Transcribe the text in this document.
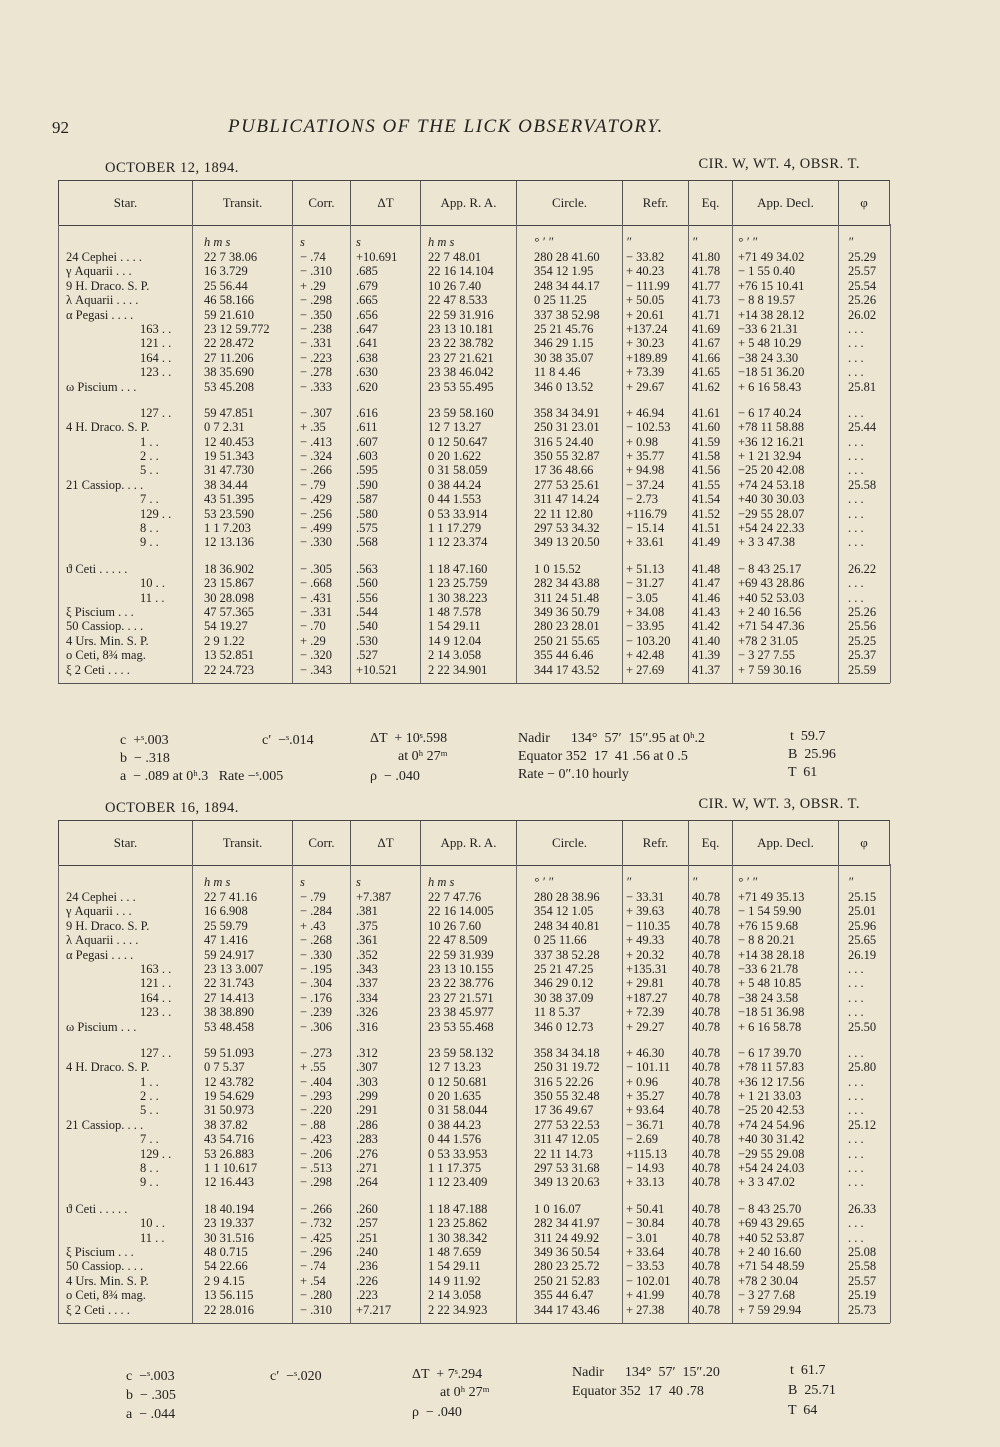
92	PUBLICATIONS OF THE LICK OBSERVATORY.
OCTOBER 12, 1894.	CIR. W, WT. 4, OBSR. T.
Star.	Transit.	Corr.	ΔT	App. R. A.	Circle.	Refr.	Eq.	App. Decl.	φ
h m s	s	s	h m s	° ′ ″	″	″	° ′ ″	″
24 Cephei . . . .	22 7 38.06	− .74	+10.691	22 7 48.01	280 28 41.60	− 33.82	41.80	+71 49 34.02	25.29
γ Aquarii . . .	16 3.729	− .310	.685	22 16 14.104	354 12 1.95	+ 40.23	41.78	− 1 55 0.40	25.57
9 H. Draco. S. P.	25 56.44	+ .29	.679	10 26 7.40	248 34 44.17	− 111.99	41.77	+76 15 10.41	25.54
λ Aquarii . . . .	46 58.166	− .298	.665	22 47 8.533	0 25 11.25	+ 50.05	41.73	− 8 8 19.57	25.26
α Pegasi . . . .	59 21.610	− .350	.656	22 59 31.916	337 38 52.98	+ 20.61	41.71	+14 38 28.12	26.02
163 . .	23 12 59.772	− .238	.647	23 13 10.181	25 21 45.76	+137.24	41.69	−33 6 21.31	. . .
121 . .	22 28.472	− .331	.641	23 22 38.782	346 29 1.15	+ 30.23	41.67	+ 5 48 10.29	. . .
164 . .	27 11.206	− .223	.638	23 27 21.621	30 38 35.07	+189.89	41.66	−38 24 3.30	. . .
123 . .	38 35.690	− .278	.630	23 38 46.042	11 8 4.46	+ 73.39	41.65	−18 51 36.20	. . .
ω Piscium . . .	53 45.208	− .333	.620	23 53 55.495	346 0 13.52	+ 29.67	41.62	+ 6 16 58.43	25.81
127 . .	59 47.851	− .307	.616	23 59 58.160	358 34 34.91	+ 46.94	41.61	− 6 17 40.24	. . .
4 H. Draco. S. P.	0 7 2.31	+ .35	.611	12 7 13.27	250 31 23.01	− 102.53	41.60	+78 11 58.88	25.44
1 . .	12 40.453	− .413	.607	0 12 50.647	316 5 24.40	+ 0.98	41.59	+36 12 16.21	. . .
2 . .	19 51.343	− .324	.603	0 20 1.622	350 55 32.87	+ 35.77	41.58	+ 1 21 32.94	. . .
5 . .	31 47.730	− .266	.595	0 31 58.059	17 36 48.66	+ 94.98	41.56	−25 20 42.08	. . .
21 Cassiop. . . .	38 34.44	− .79	.590	0 38 44.24	277 53 25.61	− 37.24	41.55	+74 24 53.18	25.58
7 . .	43 51.395	− .429	.587	0 44 1.553	311 47 14.24	− 2.73	41.54	+40 30 30.03	. . .
129 . .	53 23.590	− .256	.580	0 53 33.914	22 11 12.80	+116.79	41.52	−29 55 28.07	. . .
8 . .	1 1 7.203	− .499	.575	1 1 17.279	297 53 34.32	− 15.14	41.51	+54 24 22.33	. . .
9 . .	12 13.136	− .330	.568	1 12 23.374	349 13 20.50	+ 33.61	41.49	+ 3 3 47.38	. . .
ϑ Ceti . . . . .	18 36.902	− .305	.563	1 18 47.160	1 0 15.52	+ 51.13	41.48	− 8 43 25.17	26.22
10 . .	23 15.867	− .668	.560	1 23 25.759	282 34 43.88	− 31.27	41.47	+69 43 28.86	. . .
11 . .	30 28.098	− .431	.556	1 30 38.223	311 24 51.48	− 3.05	41.46	+40 52 53.03	. . .
ξ Piscium . . .	47 57.365	− .331	.544	1 48 7.578	349 36 50.79	+ 34.08	41.43	+ 2 40 16.56	25.26
50 Cassiop. . . .	54 19.27	− .70	.540	1 54 29.11	280 23 28.01	− 33.95	41.42	+71 54 47.36	25.56
4 Urs. Min. S. P.	2 9 1.22	+ .29	.530	14 9 12.04	250 21 55.65	− 103.20	41.40	+78 2 31.05	25.25
o Ceti, 8¾ mag.	13 52.851	− .320	.527	2 14 3.058	355 44 6.46	+ 42.48	41.39	− 3 27 7.55	25.37
ξ 2 Ceti . . . .	22 24.723	− .343	+10.521	2 22 34.901	344 17 43.52	+ 27.69	41.37	+ 7 59 30.16	25.59
c  +ˢ.003	c′  −ˢ.014
b  − .318
a  − .089 at 0ʰ.3   Rate −ˢ.005
ΔT  + 10ˢ.598
at 0ʰ 27ᵐ
ρ  − .040
Nadir      134°  57′  15″.95 at 0ʰ.2
Equator 352  17  41 .56 at 0 .5
Rate − 0″.10 hourly
t  59.7
B  25.96
T  61
OCTOBER 16, 1894.	CIR. W, WT. 3, OBSR. T.
Star.	Transit.	Corr.	ΔT	App. R. A.	Circle.	Refr.	Eq.	App. Decl.	φ
h m s	s	s	h m s	° ′ ″	″	″	° ′ ″	″
24 Cephei . . .	22 7 41.16	− .79	+7.387	22 7 47.76	280 28 38.96	− 33.31	40.78	+71 49 35.13	25.15
γ Aquarii . . .	16 6.908	− .284	.381	22 16 14.005	354 12 1.05	+ 39.63	40.78	− 1 54 59.90	25.01
9 H. Draco. S. P.	25 59.79	+ .43	.375	10 26 7.60	248 34 40.81	− 110.35	40.78	+76 15 9.68	25.96
λ Aquarii . . . .	47 1.416	− .268	.361	22 47 8.509	0 25 11.66	+ 49.33	40.78	− 8 8 20.21	25.65
α Pegasi . . . .	59 24.917	− .330	.352	22 59 31.939	337 38 52.28	+ 20.32	40.78	+14 38 28.18	26.19
163 . .	23 13 3.007	− .195	.343	23 13 10.155	25 21 47.25	+135.31	40.78	−33 6 21.78	. . .
121 . .	22 31.743	− .304	.337	23 22 38.776	346 29 0.12	+ 29.81	40.78	+ 5 48 10.85	. . .
164 . .	27 14.413	− .176	.334	23 27 21.571	30 38 37.09	+187.27	40.78	−38 24 3.58	. . .
123 . .	38 38.890	− .239	.326	23 38 45.977	11 8 5.37	+ 72.39	40.78	−18 51 36.98	. . .
ω Piscium . . .	53 48.458	− .306	.316	23 53 55.468	346 0 12.73	+ 29.27	40.78	+ 6 16 58.78	25.50
127 . .	59 51.093	− .273	.312	23 59 58.132	358 34 34.18	+ 46.30	40.78	− 6 17 39.70	. . .
4 H. Draco. S. P.	0 7 5.37	+ .55	.307	12 7 13.23	250 31 19.72	− 101.11	40.78	+78 11 57.83	25.80
1 . .	12 43.782	− .404	.303	0 12 50.681	316 5 22.26	+ 0.96	40.78	+36 12 17.56	. . .
2 . .	19 54.629	− .293	.299	0 20 1.635	350 55 32.48	+ 35.27	40.78	+ 1 21 33.03	. . .
5 . .	31 50.973	− .220	.291	0 31 58.044	17 36 49.67	+ 93.64	40.78	−25 20 42.53	. . .
21 Cassiop. . . .	38 37.82	− .88	.286	0 38 44.23	277 53 22.53	− 36.71	40.78	+74 24 54.96	25.12
7 . .	43 54.716	− .423	.283	0 44 1.576	311 47 12.05	− 2.69	40.78	+40 30 31.42	. . .
129 . .	53 26.883	− .206	.276	0 53 33.953	22 11 14.73	+115.13	40.78	−29 55 29.08	. . .
8 . .	1 1 10.617	− .513	.271	1 1 17.375	297 53 31.68	− 14.93	40.78	+54 24 24.03	. . .
9 . .	12 16.443	− .298	.264	1 12 23.409	349 13 20.63	+ 33.13	40.78	+ 3 3 47.02	. . .
ϑ Ceti . . . . .	18 40.194	− .266	.260	1 18 47.188	1 0 16.07	+ 50.41	40.78	− 8 43 25.70	26.33
10 . .	23 19.337	− .732	.257	1 23 25.862	282 34 41.97	− 30.84	40.78	+69 43 29.65	. . .
11 . .	30 31.516	− .425	.251	1 30 38.342	311 24 49.92	− 3.01	40.78	+40 52 53.87	. . .
ξ Piscium . . .	48 0.715	− .296	.240	1 48 7.659	349 36 50.54	+ 33.64	40.78	+ 2 40 16.60	25.08
50 Cassiop. . . .	54 22.66	− .74	.236	1 54 29.11	280 23 25.72	− 33.53	40.78	+71 54 48.59	25.58
4 Urs. Min. S. P.	2 9 4.15	+ .54	.226	14 9 11.92	250 21 52.83	− 102.01	40.78	+78 2 30.04	25.57
o Ceti, 8¾ mag.	13 56.115	− .280	.223	2 14 3.058	355 44 6.47	+ 41.99	40.78	− 3 27 7.68	25.19
ξ 2 Ceti . . . .	22 28.016	− .310	+7.217	2 22 34.923	344 17 43.46	+ 27.38	40.78	+ 7 59 29.94	25.73
c  −ˢ.003	c′  −ˢ.020
b  − .305
a  − .044
ΔT  + 7ˢ.294
at 0ʰ 27ᵐ
ρ  − .040
Nadir      134°  57′  15″.20
Equator 352  17  40 .78
t  61.7
B  25.71
T  64
